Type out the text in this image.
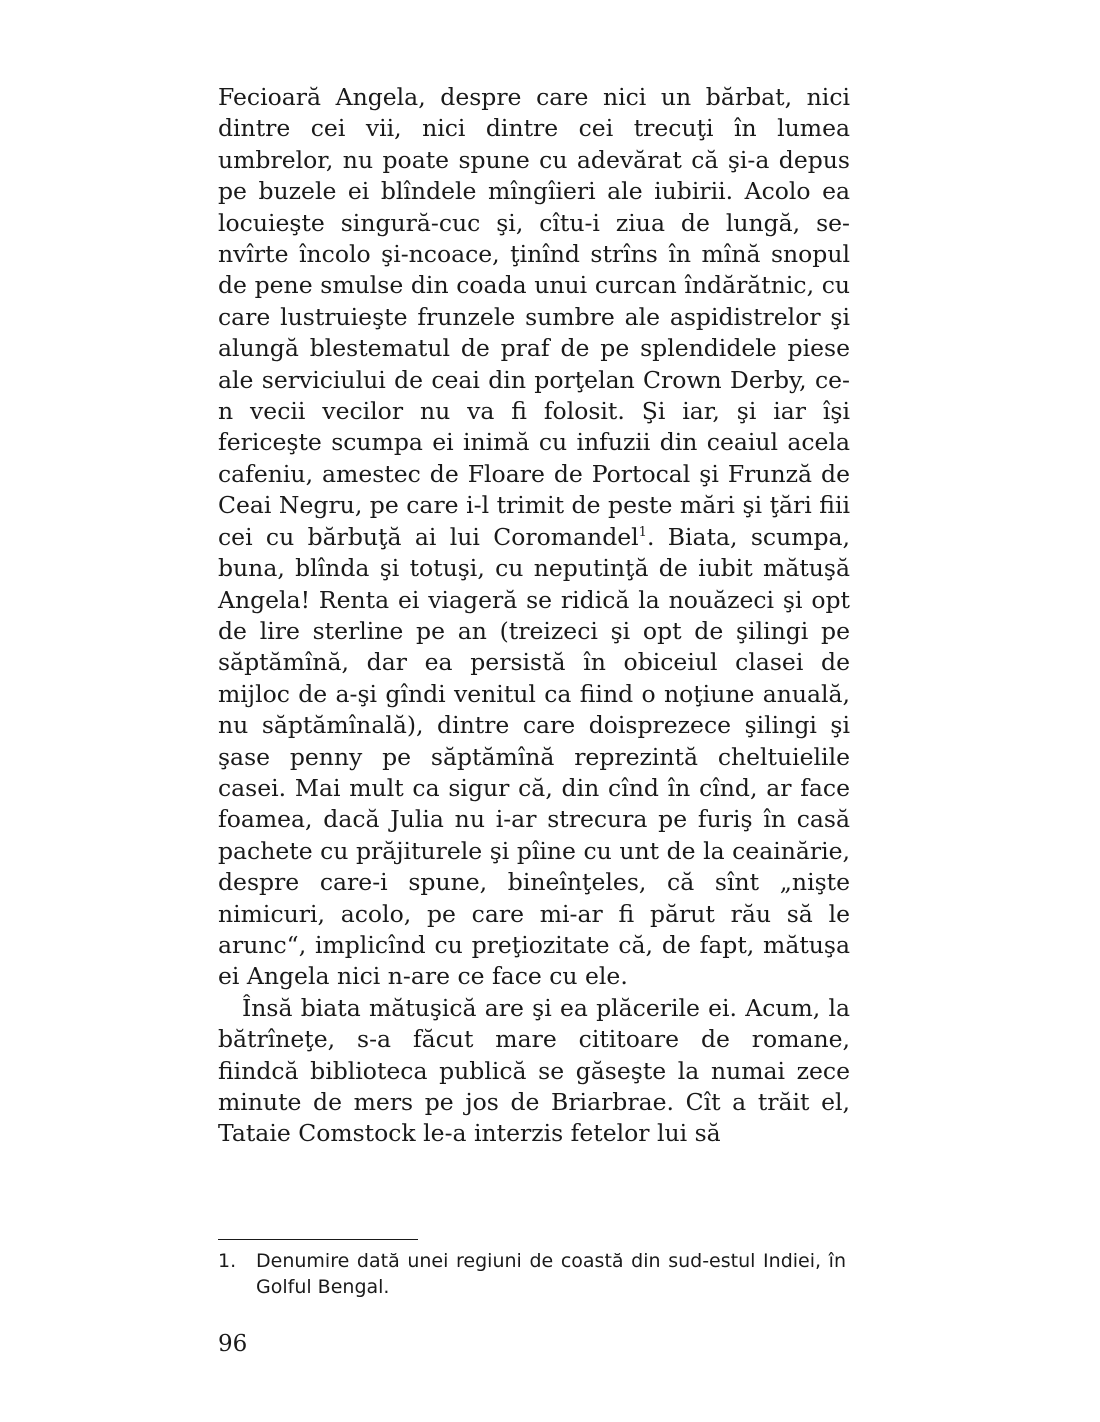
Fecioară Angela, despre care nici un bărbat, nici dintre cei vii, nici dintre cei trecuţi în lumea umbrelor, nu poate spune cu adevărat că şi-a depus pe buzele ei blîndele mîngîieri ale iubirii. Acolo ea locuieşte singură-cuc şi, cîtu-i ziua de lungă, se-nvîrte încolo şi-ncoace, ţinînd strîns în mînă snopul de pene smulse din coada unui curcan îndărătnic, cu care lustruieşte frunzele sumbre ale aspidistrelor şi alungă blestematul de praf de pe splendidele piese ale serviciului de ceai din porţelan Crown Derby, ce-n vecii vecilor nu va fi folosit. Şi iar, şi iar îşi fericeşte scumpa ei inimă cu infuzii din ceaiul acela cafeniu, amestec de Floare de Portocal şi Frunză de Ceai Negru, pe care i-l trimit de peste mări şi ţări fiii cei cu bărbuţă ai lui Coromandel$^1$. Biata, scumpa, buna, blînda şi totuşi, cu neputinţă de iubit mătuşă Angela! Renta ei viageră se ridică la nouăzeci şi opt de lire sterline pe an (treizeci şi opt de şilingi pe săptămînă, dar ea persistă în obiceiul clasei de mijloc de a-şi gîndi venitul ca fiind o noţiune anuală, nu săptămînală), dintre care doisprezece şilingi şi şase penny pe săptămînă reprezintă cheltuielile casei. Mai mult ca sigur că, din cînd în cînd, ar face foamea, dacă Julia nu i-ar strecura pe furiş în casă pachete cu prăjiturele şi pîine cu unt de la ceainărie, despre care-i spune, bineînţeles, că sînt „nişte nimicuri, acolo, pe care mi-ar fi părut rău să le arunc“, implicînd cu preţiozitate că, de fapt, mătuşa ei Angela nici n-are ce face cu ele.

Însă biata mătuşică are şi ea plăcerile ei. Acum, la bătrîneţe, s-a făcut mare cititoare de romane, fiindcă biblioteca publică se găseşte la numai zece minute de mers pe jos de Briarbrae. Cît a trăit el, Tataie Comstock le-a interzis fetelor lui să

1. Denumire dată unei regiuni de coastă din sud-estul Indiei, în Golful Bengal.
96
